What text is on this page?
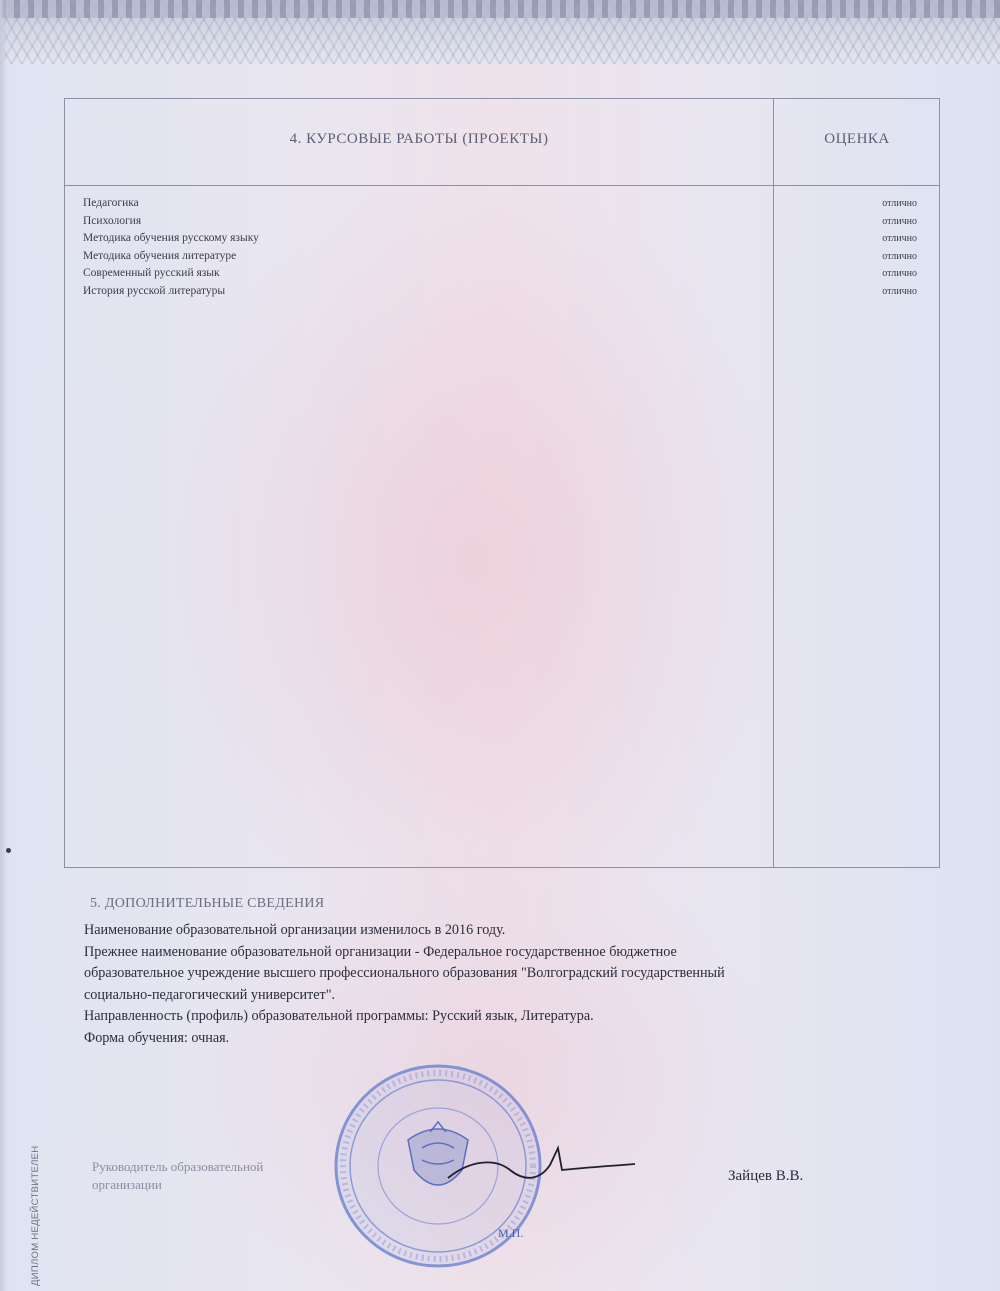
4. КУРСОВЫЕ РАБОТЫ (ПРОЕКТЫ)	ОЦЕНКА
Педагогика	отлично
Психология	отлично
Методика обучения русскому языку	отлично
Методика обучения литературе	отлично
Современный русский язык	отлично
История русской литературы	отлично
5. ДОПОЛНИТЕЛЬНЫЕ СВЕДЕНИЯ

Наименование образовательной организации изменилось в 2016 году.

Прежнее наименование образовательной организации - Федеральное государственное бюджетное

образовательное учреждение высшего профессионального образования "Волгоградский государственный

социально-педагогический университет".

Направленность (профиль) образовательной программы: Русский язык, Литература.

Форма обучения: очная.

Руководитель образовательной организации
М.П.
Зайцев В.В.
ДИПЛОМ НЕДЕЙСТВИТЕЛЕН
